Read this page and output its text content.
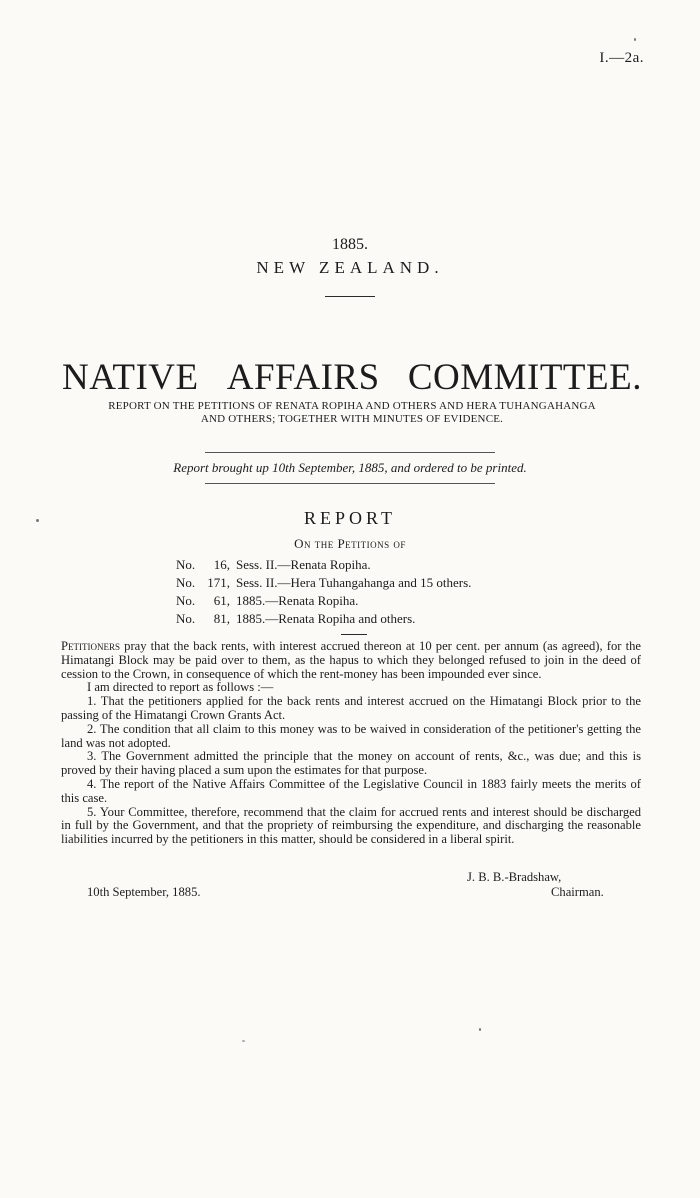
I.—2a.
1885.
NEW ZEALAND.
NATIVE AFFAIRS COMMITTEE.
REPORT ON THE PETITIONS OF RENATA ROPIHA AND OTHERS AND HERA TUHANGAHANGA
AND OTHERS; TOGETHER WITH MINUTES OF EVIDENCE.
Report brought up 10th September, 1885, and ordered to be printed.
REPORT
On the Petitions of
No.	16, Sess. II.—Renata Ropiha.
No. 171, Sess. II.—Hera Tuhangahanga and 15 others.
No.	61, 1885.—Renata Ropiha.
No.	81, 1885.—Renata Ropiha and others.

Petitioners pray that the back rents, with interest accrued thereon at 10 per cent. per annum (as agreed), for the Himatangi Block may be paid over to them, as the hapus to which they belonged refused to join in the deed of cession to the Crown, in consequence of which the rent-money has been impounded ever since.

I am directed to report as follows :—

1. That the petitioners applied for the back rents and interest accrued on the Himatangi Block prior to the passing of the Himatangi Crown Grants Act.

2. The condition that all claim to this money was to be waived in consideration of the petitioner's getting the land was not adopted.

3. The Government admitted the principle that the money on account of rents, &c., was due; and this is proved by their having placed a sum upon the estimates for that purpose.

4. The report of the Native Affairs Committee of the Legislative Council in 1883 fairly meets the merits of this case.

5. Your Committee, therefore, recommend that the claim for accrued rents and interest should be discharged in full by the Government, and that the propriety of reimbursing the expenditure, and discharging the reasonable liabilities incurred by the petitioners in this matter, should be considered in a liberal spirit.

J. B. B.-Bradshaw,
10th September, 1885.	Chairman.
